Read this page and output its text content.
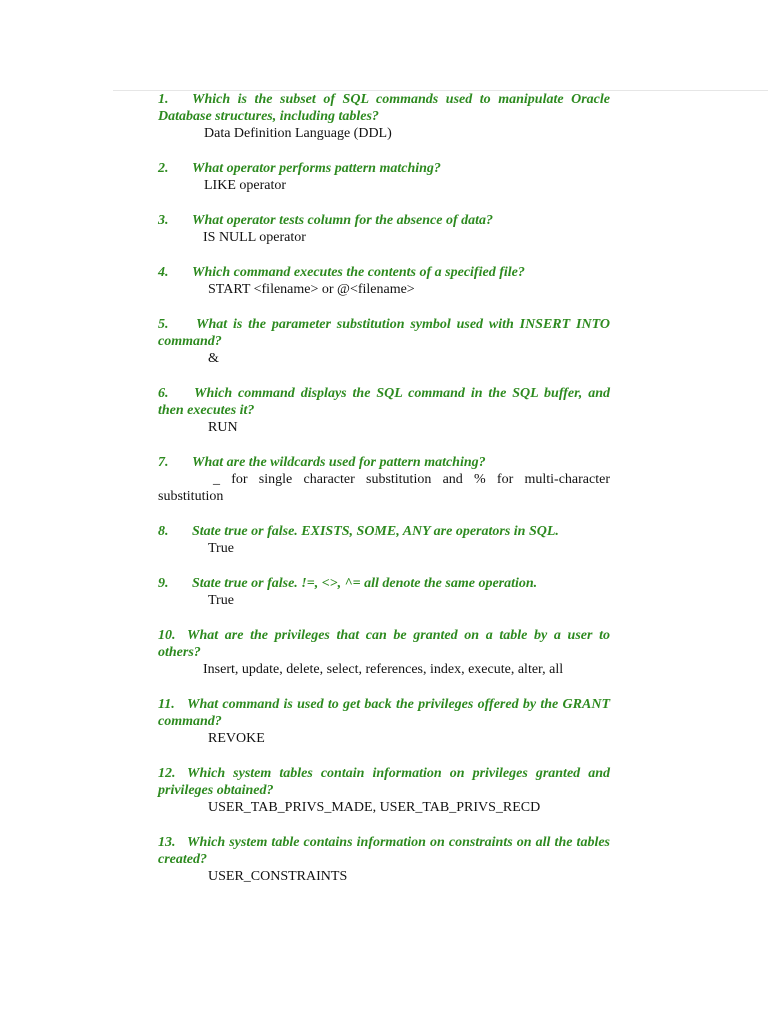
1. Which is the subset of SQL commands used to manipulate Oracle Database structures, including tables?
Data Definition Language (DDL)
2. What operator performs pattern matching?
LIKE operator
3. What operator tests column for the absence of data?
IS NULL operator
4. Which command executes the contents of a specified file?
START <filename> or @<filename>
5. What is the parameter substitution symbol used with INSERT INTO command?
&
6. Which command displays the SQL command in the SQL buffer, and then executes it?
RUN
7. What are the wildcards used for pattern matching?
_ for single character substitution and % for multi-character substitution
8. State true or false. EXISTS, SOME, ANY are operators in SQL.
True
9. State true or false. !=, <>, ^= all denote the same operation.
True
10. What are the privileges that can be granted on a table by a user to others?
Insert, update, delete, select, references, index, execute, alter, all
11. What command is used to get back the privileges offered by the GRANT command?
REVOKE
12. Which system tables contain information on privileges granted and privileges obtained?
USER_TAB_PRIVS_MADE, USER_TAB_PRIVS_RECD
13. Which system table contains information on constraints on all the tables created?
USER_CONSTRAINTS
